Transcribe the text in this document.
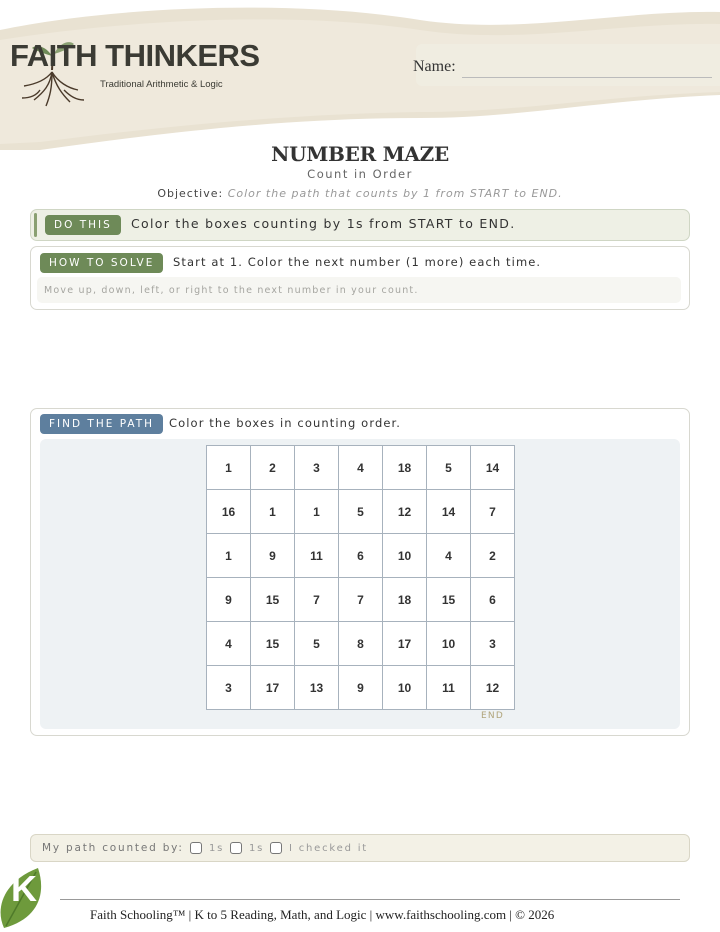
FAITH THINKERS
Traditional Arithmetic & Logic
Name:
NUMBER MAZE
Count in Order
Objective: Color the path that counts by 1 from START to END.
DO THIS	Color the boxes counting by 1s from START to END.
HOW TO SOLVE	Start at 1. Color the next number (1 more) each time.
Move up, down, left, or right to the next number in your count.
FIND THE PATH	Color the boxes in counting order.
1	2	3	4	18	5	14
16	1	1	5	12	14	7
1	9	11	6	10	4	2
9	15	7	7	18	15	6
4	15	5	8	17	10	3
3	17	13	9	10	11	12
END
My path counted by:	1s 1s I checked it
K
Faith Schooling™ | K to 5 Reading, Math, and Logic | www.faithschooling.com | © 2026
